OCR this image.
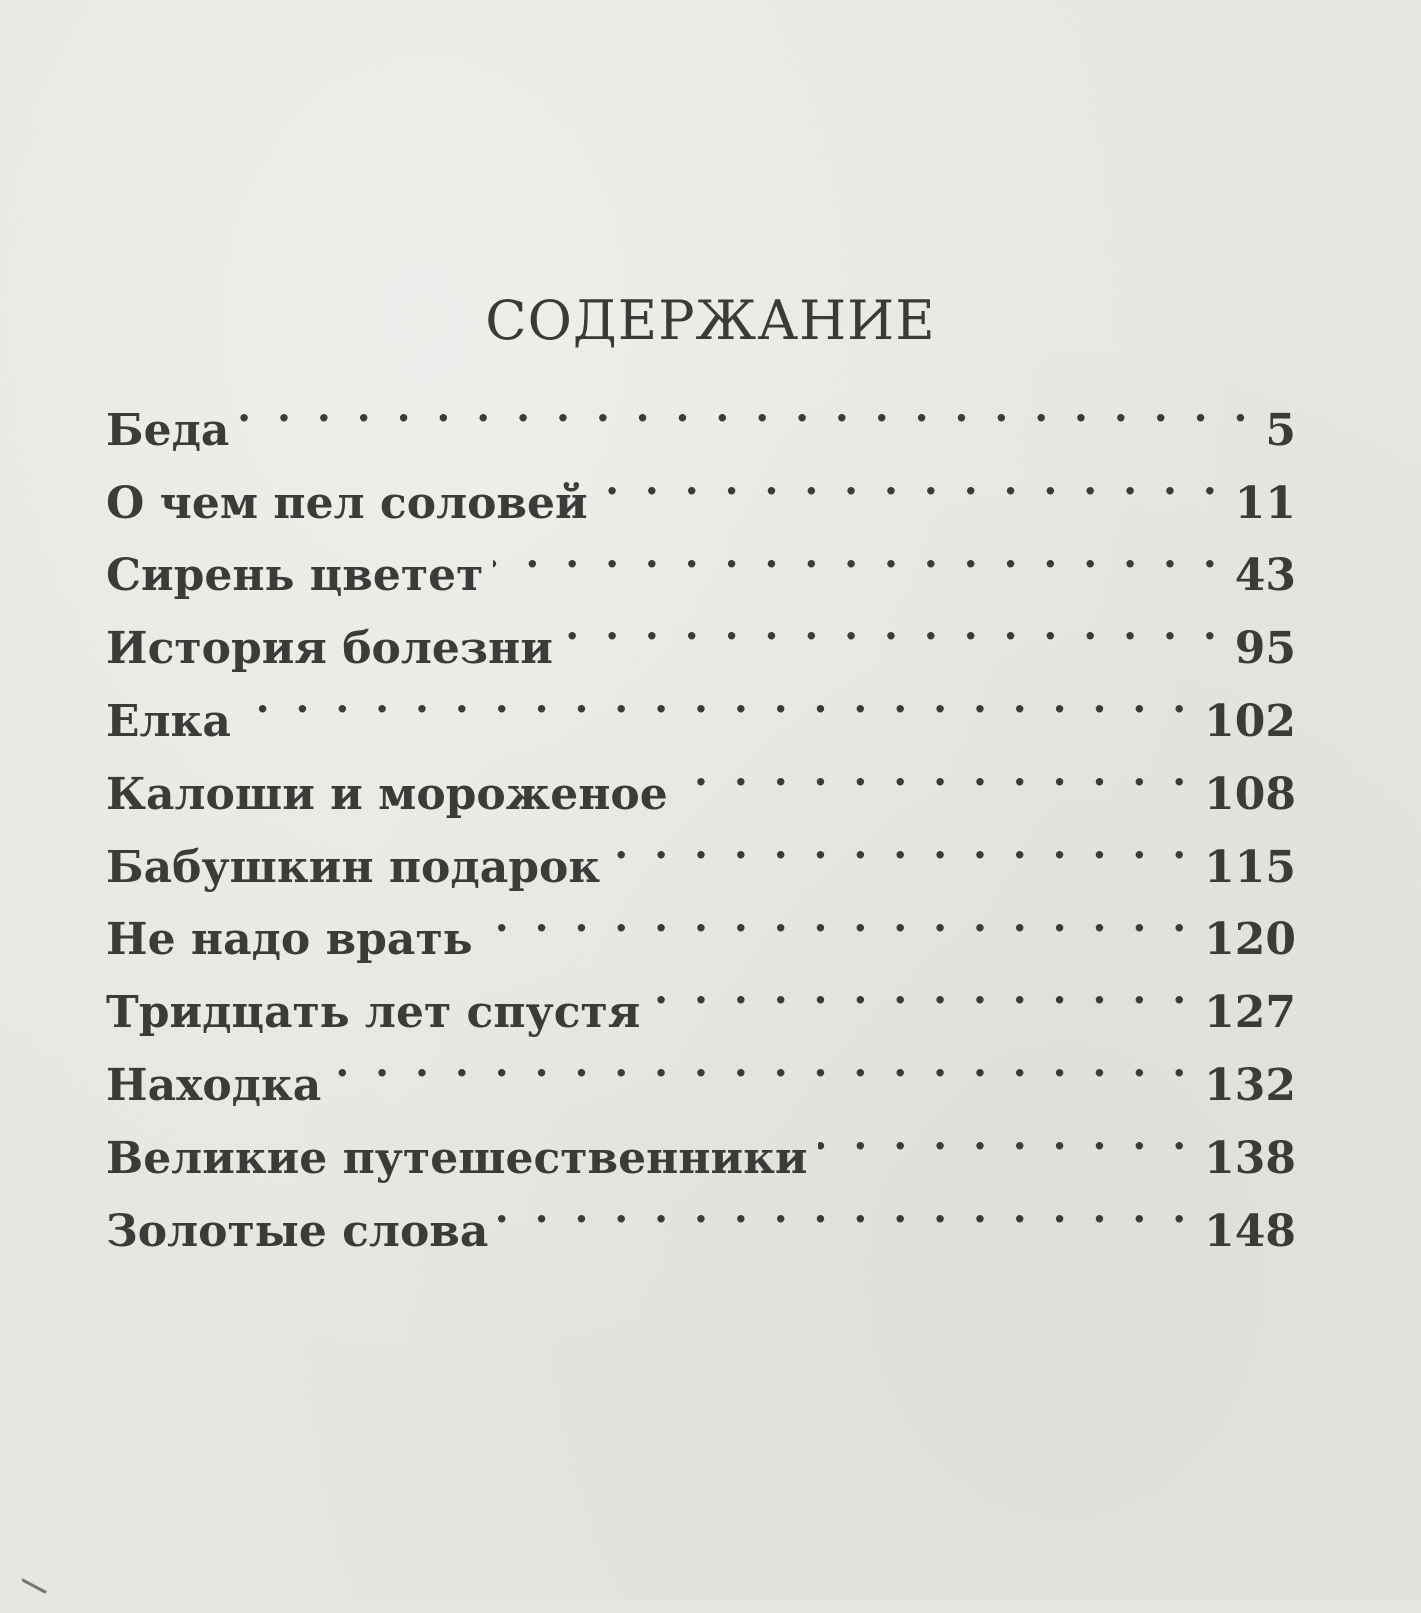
СОДЕРЖАНИЕ
Беда . . .	5
О чем пел соловей . . .	11
Сирень цветет . . .	43
История болезни . . .	95
Елка . . .	102
Калоши и мороженое . . .	108
Бабушкин подарок . . .	115
Не надо врать . . .	120
Тридцать лет спустя . . .	127
Находка . . .	132
Великие путешественники . . .	138
Золотые слова . . .	148
